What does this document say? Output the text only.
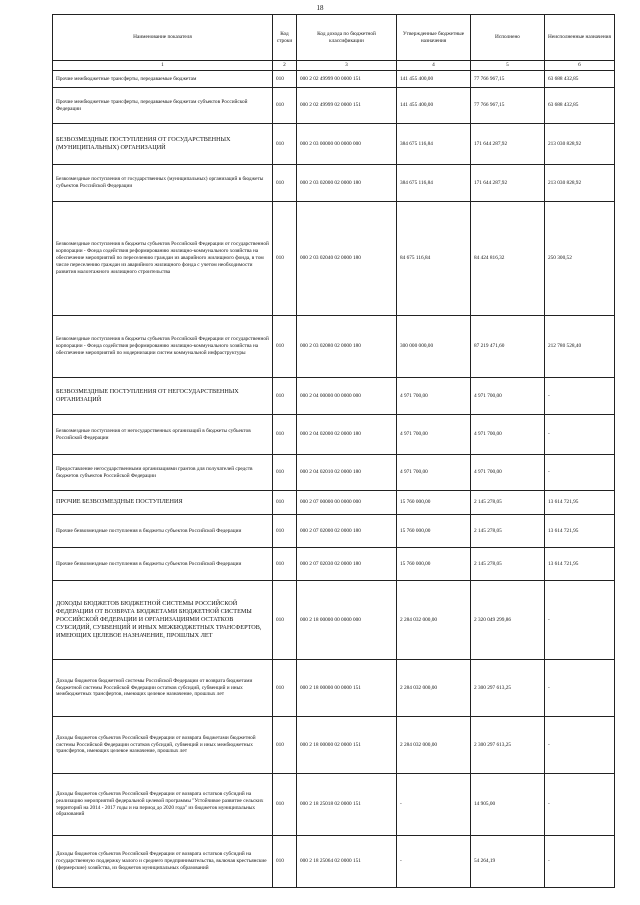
18
Наименование показателя	Код строки	Код дохода по бюджетной классификации	Утвержденные бюджетные назначения	Исполнено	Неисполненные назначения
1	2	3	4	5	6
Прочие межбюджетные трансферты, передаваемые бюджетам	010	000 2 02 49999 00 0000 151	141 455 400,00	77 766 967,15	63 688 432,85
Прочие межбюджетные трансферты, передаваемые бюджетам субъектов Российской Федерации	010	000 2 02 49999 02 0000 151	141 455 400,00	77 766 967,15	63 688 432,85
БЕЗВОЗМЕЗДНЫЕ ПОСТУПЛЕНИЯ ОТ ГОСУДАРСТВЕННЫХ (МУНИЦИПАЛЬНЫХ) ОРГАНИЗАЦИЙ	010	000 2 03 00000 00 0000 000	384 675 116,84	171 644 287,92	213 030 828,92
Безвозмездные поступления от государственных (муниципальных) организаций в бюджеты субъектов Российской Федерации	010	000 2 03 02000 02 0000 180	384 675 116,84	171 644 287,92	213 030 828,92
Безвозмездные поступления в бюджеты субъектов Российской Федерации от государственной корпорации - Фонда содействия реформированию жилищно-коммунального хозяйства на обеспечение мероприятий по переселению граждан из аварийного жилищного фонда, в том числе переселению граждан из аварийного жилищного фонда с учетом необходимости развития малоэтажного жилищного строительства	010	000 2 03 02040 02 0000 180	84 675 116,84	84 424 816,32	250 300,52
Безвозмездные поступления в бюджеты субъектов Российской Федерации от государственной корпорации - Фонда содействия реформированию жилищно-коммунального хозяйства на обеспечение мероприятий по модернизации систем коммунальной инфраструктуры	010	000 2 03 02080 02 0000 180	300 000 000,00	87 219 471,60	212 780 528,40
БЕЗВОЗМЕЗДНЫЕ ПОСТУПЛЕНИЯ ОТ НЕГОСУДАРСТВЕННЫХ ОРГАНИЗАЦИЙ	010	000 2 04 00000 00 0000 000	4 971 700,00	4 971 700,00	-
Безвозмездные поступления от негосударственных организаций в бюджеты субъектов Российской Федерации	010	000 2 04 02000 02 0000 180	4 971 700,00	4 971 700,00	-
Предоставление негосударственными организациями грантов для получателей средств бюджетов субъектов Российской Федерации	010	000 2 04 02010 02 0000 180	4 971 700,00	4 971 700,00	-
ПРОЧИЕ БЕЗВОЗМЕЗДНЫЕ ПОСТУПЛЕНИЯ	010	000 2 07 00000 00 0000 000	15 760 000,00	2 145 278,05	13 614 721,95
Прочие безвозмездные поступления в бюджеты субъектов Российской Федерации	010	000 2 07 02000 02 0000 180	15 760 000,00	2 145 278,05	13 614 721,95
Прочие безвозмездные поступления в бюджеты субъектов Российской Федерации	010	000 2 07 02030 02 0000 180	15 760 000,00	2 145 278,05	13 614 721,95
ДОХОДЫ БЮДЖЕТОВ БЮДЖЕТНОЙ СИСТЕМЫ РОССИЙСКОЙ ФЕДЕРАЦИИ ОТ ВОЗВРАТА БЮДЖЕТАМИ БЮДЖЕТНОЙ СИСТЕМЫ РОССИЙСКОЙ ФЕДЕРАЦИИ И ОРГАНИЗАЦИЯМИ ОСТАТКОВ СУБСИДИЙ, СУБВЕНЦИЙ И ИНЫХ МЕЖБЮДЖЕТНЫХ ТРАНСФЕРТОВ, ИМЕЮЩИХ ЦЕЛЕВОЕ НАЗНАЧЕНИЕ, ПРОШЛЫХ ЛЕТ	010	000 2 18 00000 00 0000 000	2 284 032 000,00	2 320 049 299,86	-
Доходы бюджетов бюджетной системы Российской Федерации от возврата бюджетами бюджетной системы Российской Федерации остатков субсидий, субвенций и иных межбюджетных трансфертов, имеющих целевое назначение, прошлых лет	010	000 2 18 00000 00 0000 151	2 284 032 000,00	2 300 297 613,25	-
Доходы бюджетов субъектов Российской Федерации от возврата бюджетами бюджетной системы Российской Федерации остатков субсидий, субвенций и иных межбюджетных трансфертов, имеющих целевое назначение, прошлых лет	010	000 2 18 00000 02 0000 151	2 284 032 000,00	2 300 297 613,25	-
Доходы бюджетов субъектов Российской Федерации от возврата остатков субсидий на реализацию мероприятий федеральной целевой программы "Устойчивое развитие сельских территорий на 2014 - 2017 годы и на период до 2020 года" из бюджетов муниципальных образований	010	000 2 18 25018 02 0000 151	-	14 905,00	-
Доходы бюджетов субъектов Российской Федерации от возврата остатков субсидий на государственную поддержку малого и среднего предпринимательства, включая крестьянские (фермерские) хозяйства, из бюджетов муниципальных образований	010	000 2 18 25064 02 0000 151	-	54 264,19	-
